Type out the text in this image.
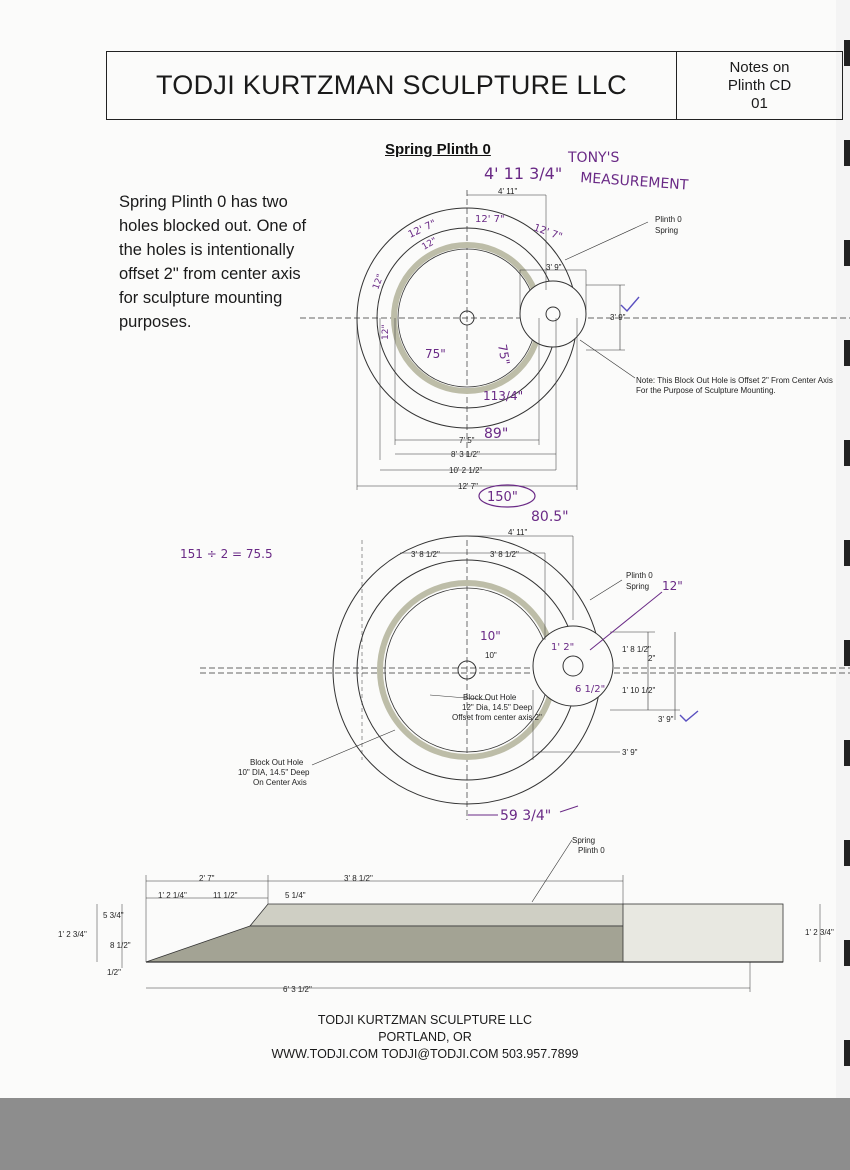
TODJI KURTZMAN SCULPTURE LLC
Notes on
Plinth CD
01
Spring Plinth 0
Spring Plinth 0 has two holes blocked out. One of the holes is intentionally offset 2" from center axis for sculpture mounting purposes.
4' 11"
Plinth 0
Spring
3' 9"
3' 9"
Note: This Block Out Hole is Offset 2" From Center Axis
For the Purpose of Sculpture Mounting.
7' 5"
8' 3 1/2"
10' 2 1/2"
12' 7"
4' 11"
3' 8 1/2"	3' 8 1/2"
Plinth 0
Spring
10"
1' 8 1/2"
2"
1' 10 1/2"
3' 9"
3' 9"
Block Out Hole
12" Dia, 14.5" Deep
Offset from center axis 2"
Block Out Hole
10" DIA, 14.5" Deep
On Center Axis
Spring
Plinth 0
2' 7"	3' 8 1/2"
1' 2 1/4"	11 1/2"	5 1/4"
5 3/4"
8 1/2"
1/2"
1' 2 3/4"	1' 2 3/4"
6' 3 1/2"
4' 11 3/4"
TONY'S
MEASUREMENT
12' 7"	12' 7"
12' 7"
12"
12"
12"
75"	75"
113/4"
89"
150"
80.5"
151 ÷ 2 = 75.5
12"
10"
1' 2"
6 1/2"
59 3/4"
TODJI KURTZMAN SCULPTURE LLC
PORTLAND, OR
WWW.TODJI.COM TODJI@TODJI.COM 503.957.7899
